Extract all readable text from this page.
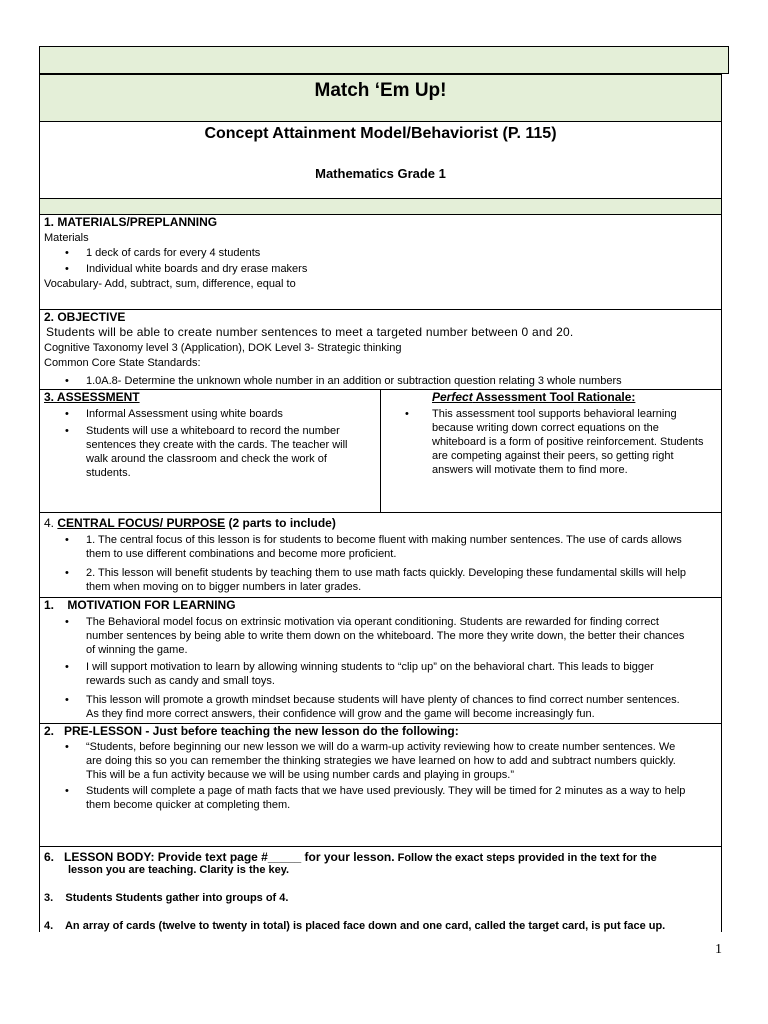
Match ‘Em Up!
Concept Attainment Model/Behaviorist (P. 115)
Mathematics Grade 1
1. MATERIALS/PREPLANNING
Materials
• 1 deck of cards for every 4 students
• Individual white boards and dry erase makers
Vocabulary- Add, subtract, sum, difference, equal to
2. OBJECTIVE
Students will be able to create number sentences to meet a targeted number between 0 and 20.
Cognitive Taxonomy level 3 (Application), DOK Level 3- Strategic thinking
Common Core State Standards:
• 1.0A.8- Determine the unknown whole number in an addition or subtraction question relating 3 whole numbers
3. ASSESSMENT
• Informal Assessment using white boards
• Students will use a whiteboard to record the number
sentences they create with the cards. The teacher will
walk around the classroom and check the work of
students.
Perfect Assessment Tool Rationale:
• This assessment tool supports behavioral learning
because writing down correct equations on the
whiteboard is a form of positive reinforcement. Students
are competing against their peers, so getting right
answers will motivate them to find more.
4. CENTRAL FOCUS/ PURPOSE (2 parts to include)
• 1. The central focus of this lesson is for students to become fluent with making number sentences. The use of cards allows
them to use different combinations and become more proficient.
• 2. This lesson will benefit students by teaching them to use math facts quickly. Developing these fundamental skills will help
them when moving on to bigger numbers in later grades.
1.    MOTIVATION FOR LEARNING
• The Behavioral model focus on extrinsic motivation via operant conditioning. Students are rewarded for finding correct
number sentences by being able to write them down on the whiteboard. The more they write down, the better their chances
of winning the game.
• I will support motivation to learn by allowing winning students to “clip up” on the behavioral chart. This leads to bigger
rewards such as candy and small toys.
• This lesson will promote a growth mindset because students will have plenty of chances to find correct number sentences.
As they find more correct answers, their confidence will grow and the game will become increasingly fun.
2.   PRE-LESSON - Just before teaching the new lesson do the following:
• “Students, before beginning our new lesson we will do a warm-up activity reviewing how to create number sentences. We
are doing this so you can remember the thinking strategies we have learned on how to add and subtract numbers quickly.
This will be a fun activity because we will be using number cards and playing in groups.”
• Students will complete a page of math facts that we have used previously. They will be timed for 2 minutes as a way to help
them become quicker at completing them.
6.   LESSON BODY: Provide text page #_____ for your lesson. Follow the exact steps provided in the text for the
lesson you are teaching. Clarity is the key.
3.    Students Students gather into groups of 4.
4.    An array of cards (twelve to twenty in total) is placed face down and one card, called the target card, is put face up.
1
